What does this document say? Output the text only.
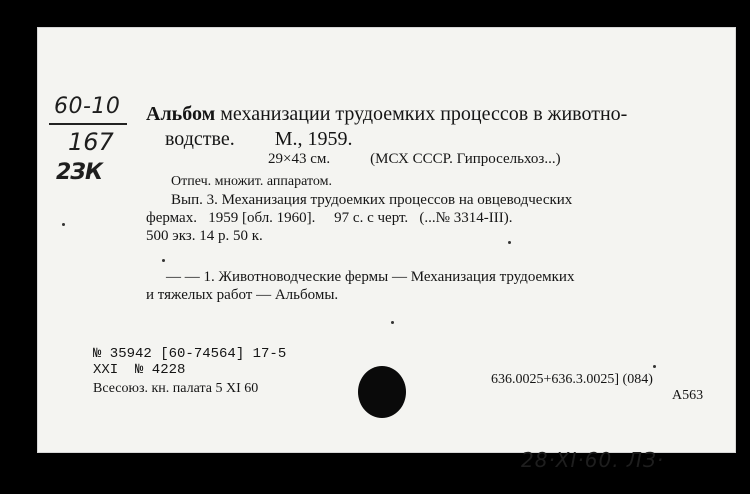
60-10
167
2ЗК
Альбом механизации трудоемких процессов в животно-
водстве.        М., 1959.
29×43 см.	(МСХ СССР. Гипросельхоз...)
Отпеч. множит. аппаратом.
Вып. 3. Механизация трудоемких процессов на овцеводческих
фермах.   1959 [обл. 1960].     97 с. с черт.   (...№ 3314-III).
500 экз. 14 р. 50 к.
— — 1. Животноводческие фермы — Механизация трудоемких
и тяжелых работ — Альбомы.
№ 35942 [60-74564] 17-5
XXI  № 4228
Всесоюз. кн. палата 5 XI 60
636.0025+636.3.0025] (084)
А563
28·XI·60. ЛЗ·
